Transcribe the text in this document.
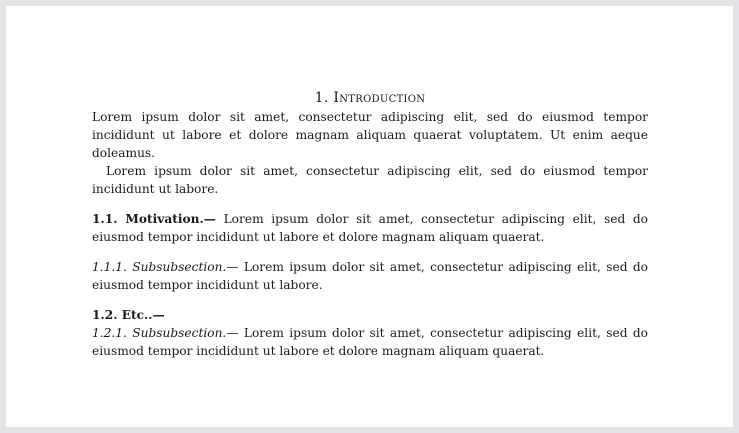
1. Introduction

Lorem ipsum dolor sit amet, consectetur adipiscing elit, sed do eiusmod tempor incididunt ut labore et dolore magnam aliquam quaerat voluptatem. Ut enim aeque doleamus.

Lorem ipsum dolor sit amet, consectetur adipiscing elit, sed do eiusmod tempor incididunt ut labore.

1.1. Motivation.— Lorem ipsum dolor sit amet, consectetur adipiscing elit, sed do eiusmod tempor incididunt ut labore et dolore magnam aliquam quaerat.

1.1.1. Subsubsection.— Lorem ipsum dolor sit amet, consectetur adipiscing elit, sed do eiusmod tempor incididunt ut labore.

1.2. Etc..—

1.2.1. Subsubsection.— Lorem ipsum dolor sit amet, consectetur adipiscing elit, sed do eiusmod tempor incididunt ut labore et dolore magnam aliquam quaerat.
